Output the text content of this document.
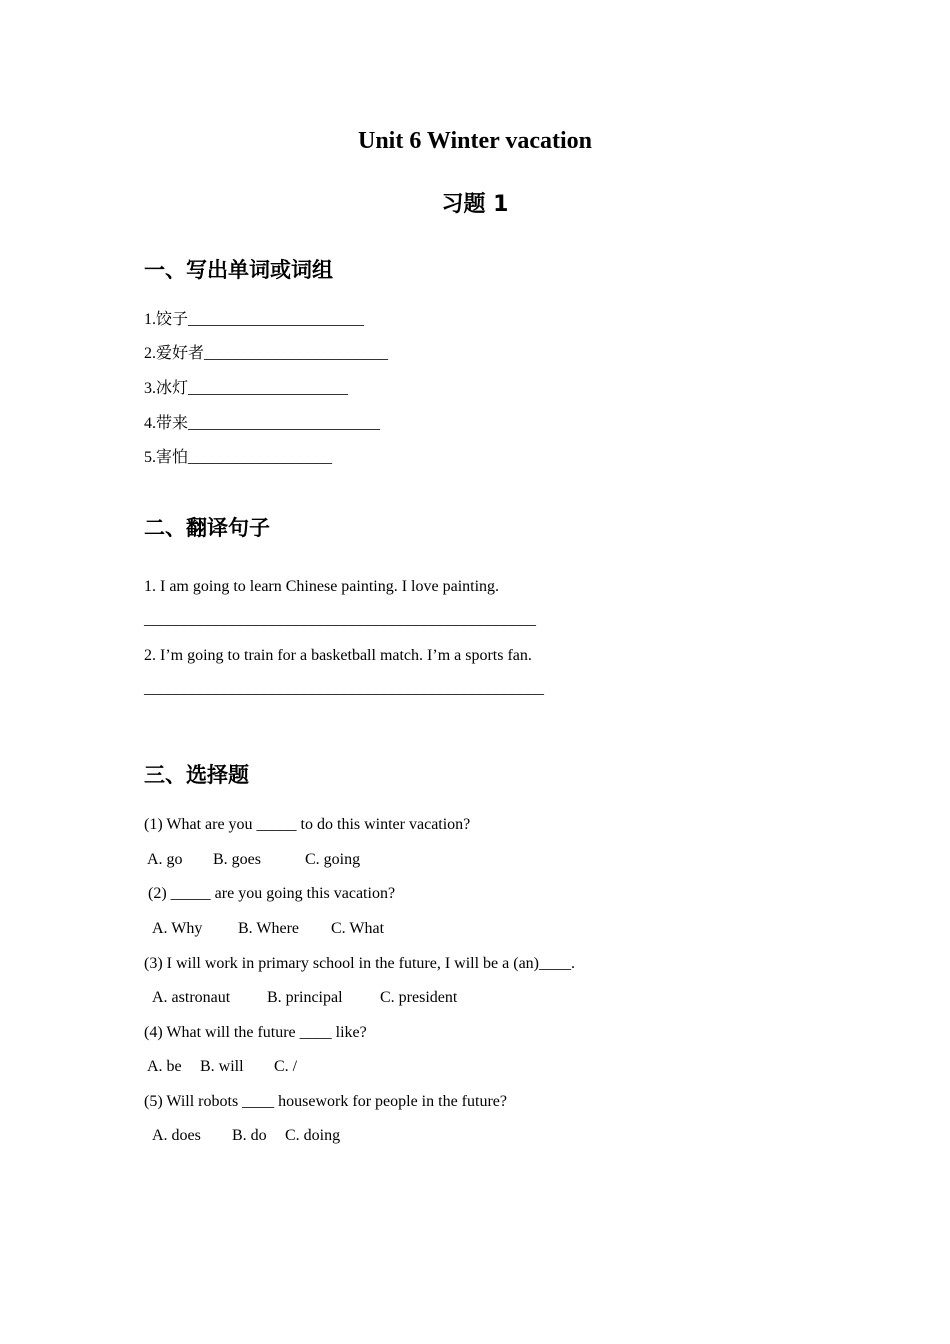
Unit 6 Winter vacation
习题 1
一、写出单词或词组
1.饺子______________________
2.爱好者_______________________
3.冰灯____________________
4.带来________________________
5.害怕__________________
二、翻译句子
1. I am going to learn Chinese painting. I love painting.
_________________________________________________
2. I’m going to train for a basketball match. I’m a sports fan.
__________________________________________________
三、选择题
(1) What are you _____ to do this winter vacation?
A. go B. goes	C. going
(2) _____ are you going this vacation?
A. Why B. Where C. What
(3) I will work in primary school in the future, I will be a (an)____.
A. astronaut B. principal C. president
(4) What will the future ____ like?
A. be B. will C. /
(5) Will robots ____ housework for people in the future?
A. does B. do C. doing
